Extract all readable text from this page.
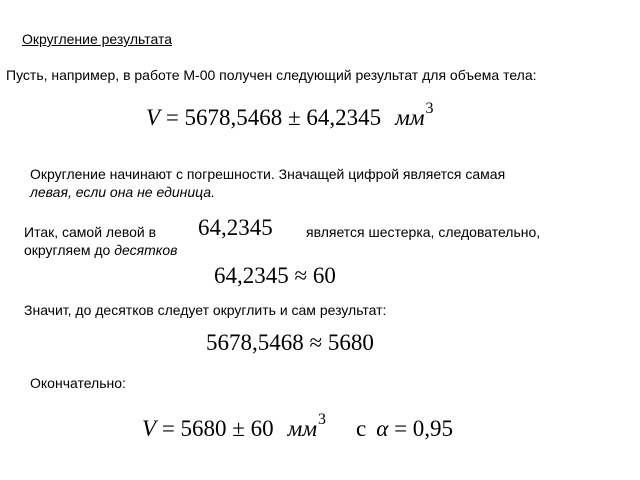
Округление результата
Пусть, например, в работе М-00 получен следующий результат для объема тела:
V = 5678,5468 ± 64,2345 $мм^3$
Округление начинают с погрешности. Значащей цифрой является самая
левая, если она не единица.
Итак, самой левой в 64,2345 является шестерка, следовательно,
округляем до десятков
64,2345 ≈ 60
Значит, до десятков следует округлить и сам результат:
5678,5468 ≈ 5680
Окончательно:
V = 5680 ± 60 $мм^3$ с α = 0,95
